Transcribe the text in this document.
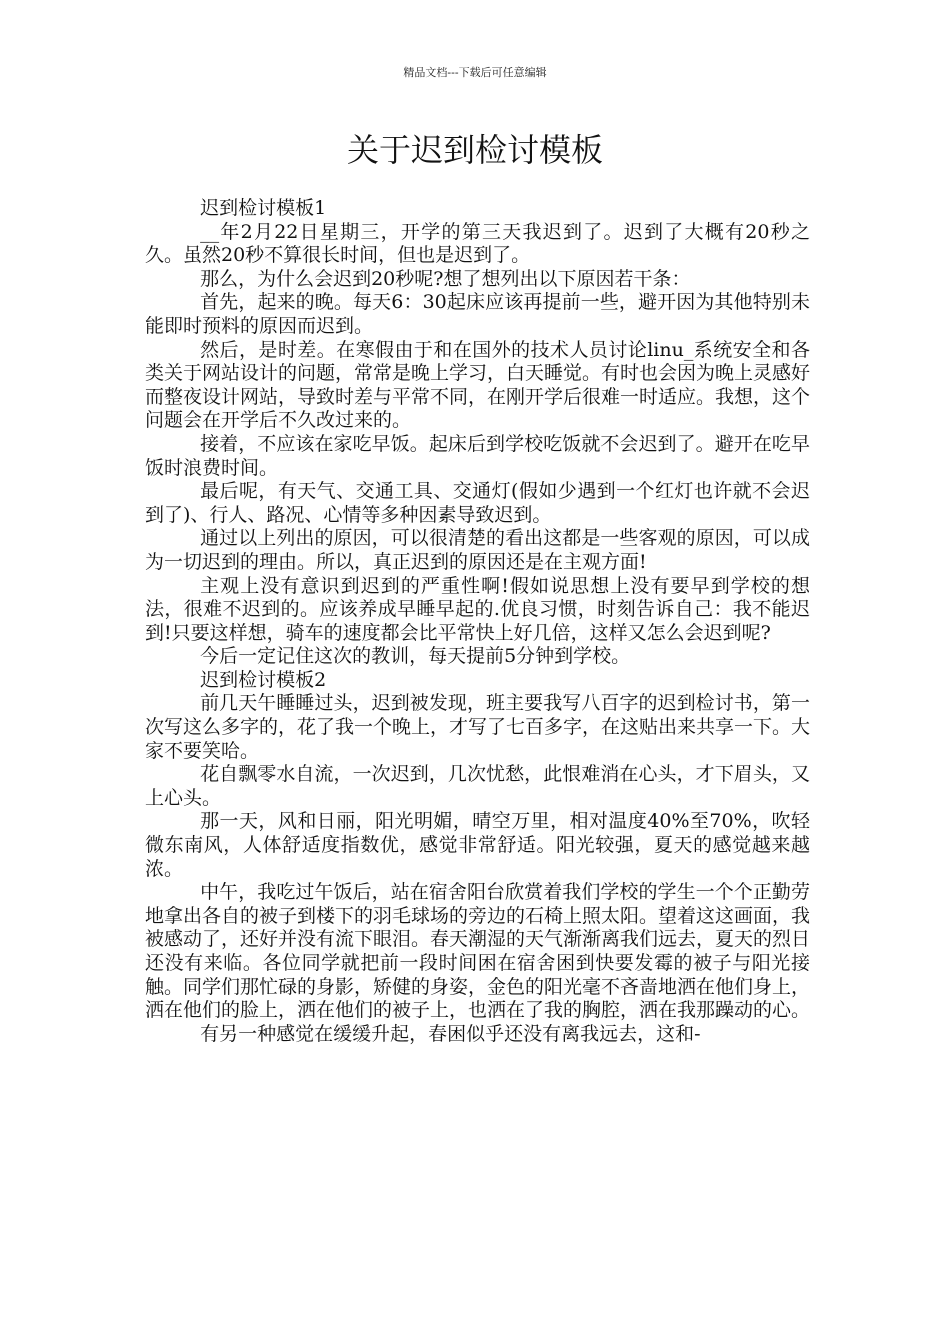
精品文档---下载后可任意编辑
关于迟到检讨模板

迟到检讨模板1

__年2月22日星期三，开学的第三天我迟到了。迟到了大概有20秒之久。虽然20秒不算很长时间，但也是迟到了。

那么，为什么会迟到20秒呢?想了想列出以下原因若干条：

首先，起来的晚。每天6：30起床应该再提前一些，避开因为其他特别未能即时预料的原因而迟到。

然后，是时差。在寒假由于和在国外的技术人员讨论linu_系统安全和各类关于网站设计的问题，常常是晚上学习，白天睡觉。有时也会因为晚上灵感好而整夜设计网站，导致时差与平常不同，在刚开学后很难一时适应。我想，这个问题会在开学后不久改过来的。

接着，不应该在家吃早饭。起床后到学校吃饭就不会迟到了。避开在吃早饭时浪费时间。

最后呢，有天气、交通工具、交通灯(假如少遇到一个红灯也许就不会迟到了)、行人、路况、心情等多种因素导致迟到。

通过以上列出的原因，可以很清楚的看出这都是一些客观的原因，可以成为一切迟到的理由。所以，真正迟到的原因还是在主观方面!

主观上没有意识到迟到的严重性啊!假如说思想上没有要早到学校的想法，很难不迟到的。应该养成早睡早起的.优良习惯，时刻告诉自己：我不能迟到!只要这样想，骑车的速度都会比平常快上好几倍，这样又怎么会迟到呢?

今后一定记住这次的教训，每天提前5分钟到学校。

迟到检讨模板2

前几天午睡睡过头，迟到被发现，班主要我写八百字的迟到检讨书，第一次写这么多字的，花了我一个晚上，才写了七百多字，在这贴出来共享一下。大家不要笑哈。

花自飘零水自流，一次迟到，几次忧愁，此恨难消在心头，才下眉头，又上心头。

那一天，风和日丽，阳光明媚，晴空万里，相对温度40%至70%，吹轻微东南风，人体舒适度指数优，感觉非常舒适。阳光较强，夏天的感觉越来越浓。

中午，我吃过午饭后，站在宿舍阳台欣赏着我们学校的学生一个个正勤劳地拿出各自的被子到楼下的羽毛球场的旁边的石椅上照太阳。望着这这画面，我被感动了，还好并没有流下眼泪。春天潮湿的天气渐渐离我们远去，夏天的烈日还没有来临。各位同学就把前一段时间困在宿舍困到快要发霉的被子与阳光接触。同学们那忙碌的身影，矫健的身姿，金色的阳光毫不吝啬地洒在他们身上，洒在他们的脸上，洒在他们的被子上，也洒在了我的胸腔，洒在我那躁动的心。

有另一种感觉在缓缓升起，春困似乎还没有离我远去，这和-
